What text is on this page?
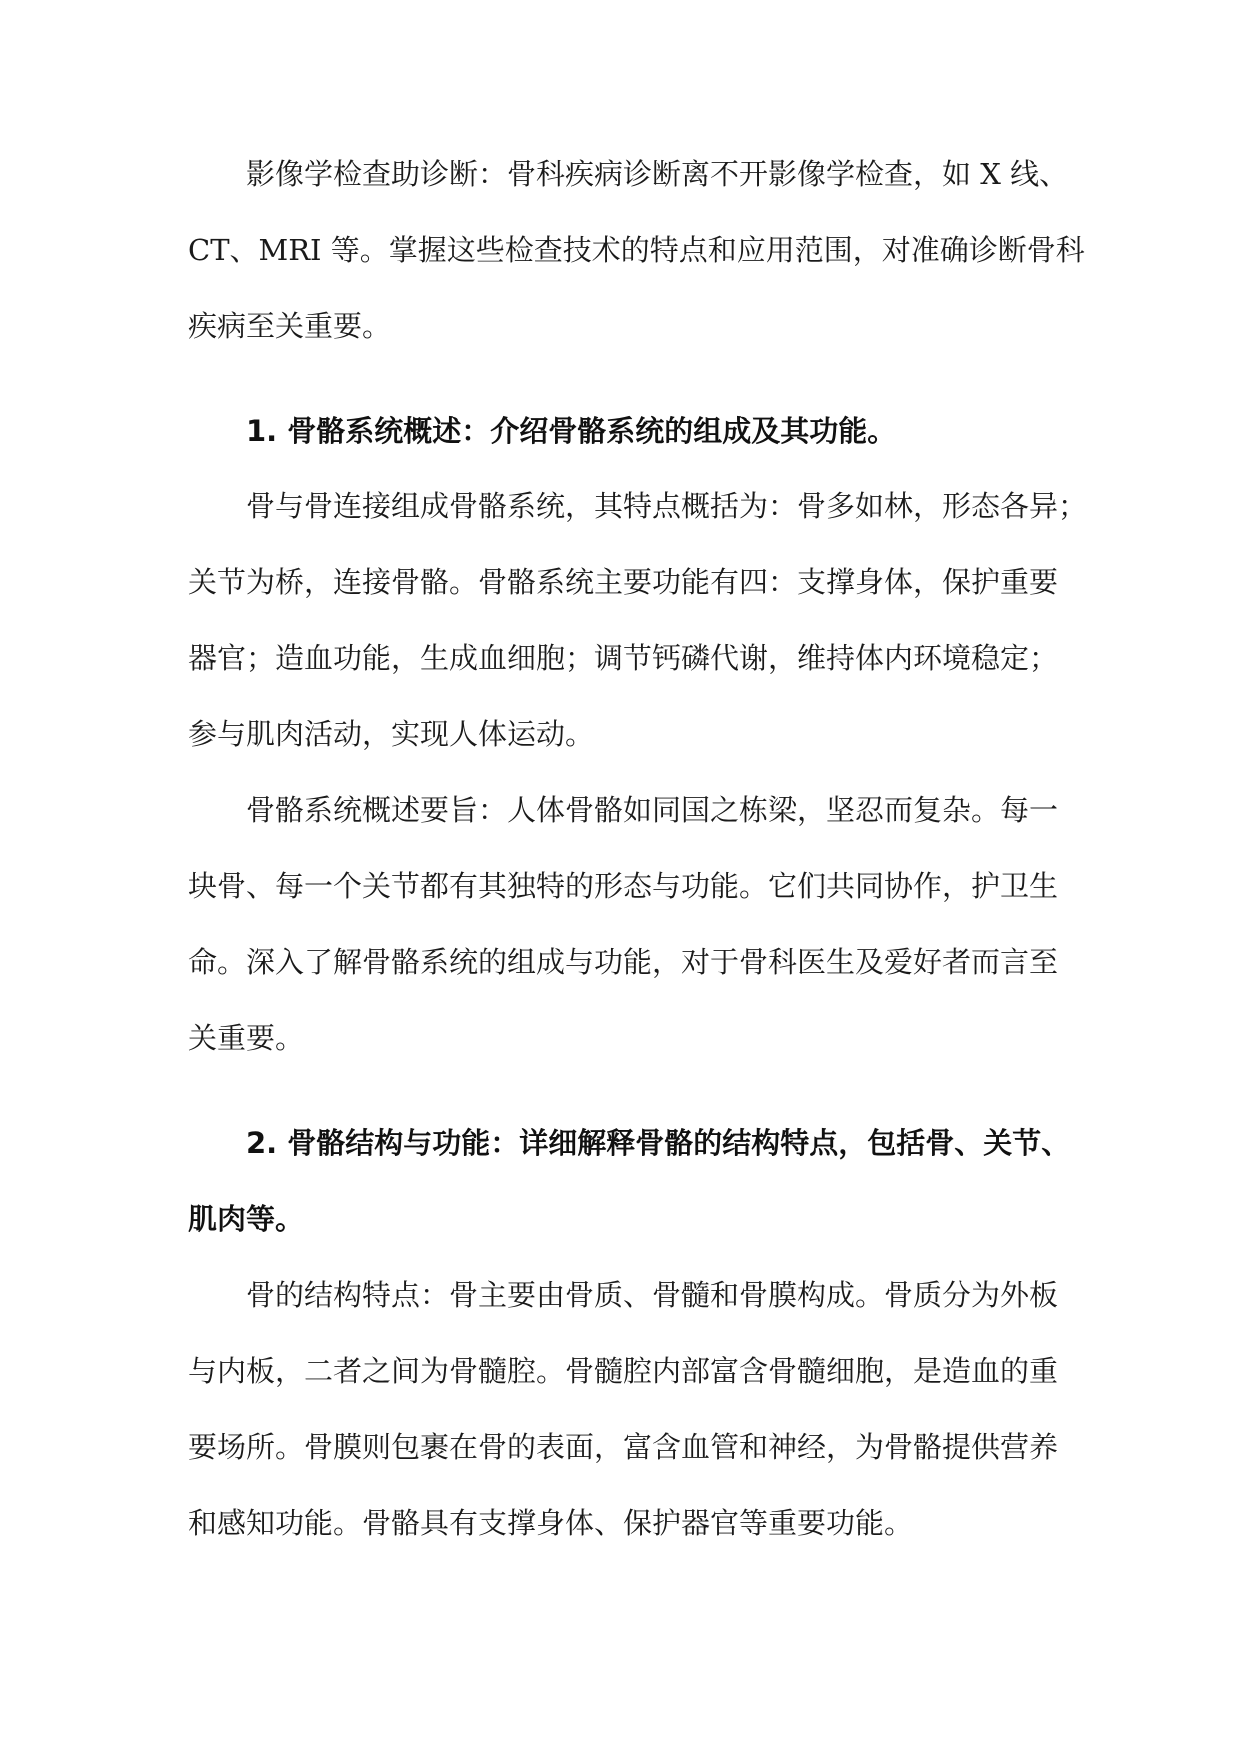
影像学检查助诊断：骨科疾病诊断离不开影像学检查，如 X 线、
CT、MRI 等。掌握这些检查技术的特点和应用范围，对准确诊断骨科
疾病至关重要。
1. 骨骼系统概述：介绍骨骼系统的组成及其功能。
骨与骨连接组成骨骼系统，其特点概括为：骨多如林，形态各异；
关节为桥，连接骨骼。骨骼系统主要功能有四：支撑身体，保护重要
器官；造血功能，生成血细胞；调节钙磷代谢，维持体内环境稳定；
参与肌肉活动，实现人体运动。
骨骼系统概述要旨：人体骨骼如同国之栋梁，坚忍而复杂。每一
块骨、每一个关节都有其独特的形态与功能。它们共同协作，护卫生
命。深入了解骨骼系统的组成与功能，对于骨科医生及爱好者而言至
关重要。
2. 骨骼结构与功能：详细解释骨骼的结构特点，包括骨、关节、
肌肉等。
骨的结构特点：骨主要由骨质、骨髓和骨膜构成。骨质分为外板
与内板，二者之间为骨髓腔。骨髓腔内部富含骨髓细胞，是造血的重
要场所。骨膜则包裹在骨的表面，富含血管和神经，为骨骼提供营养
和感知功能。骨骼具有支撑身体、保护器官等重要功能。
